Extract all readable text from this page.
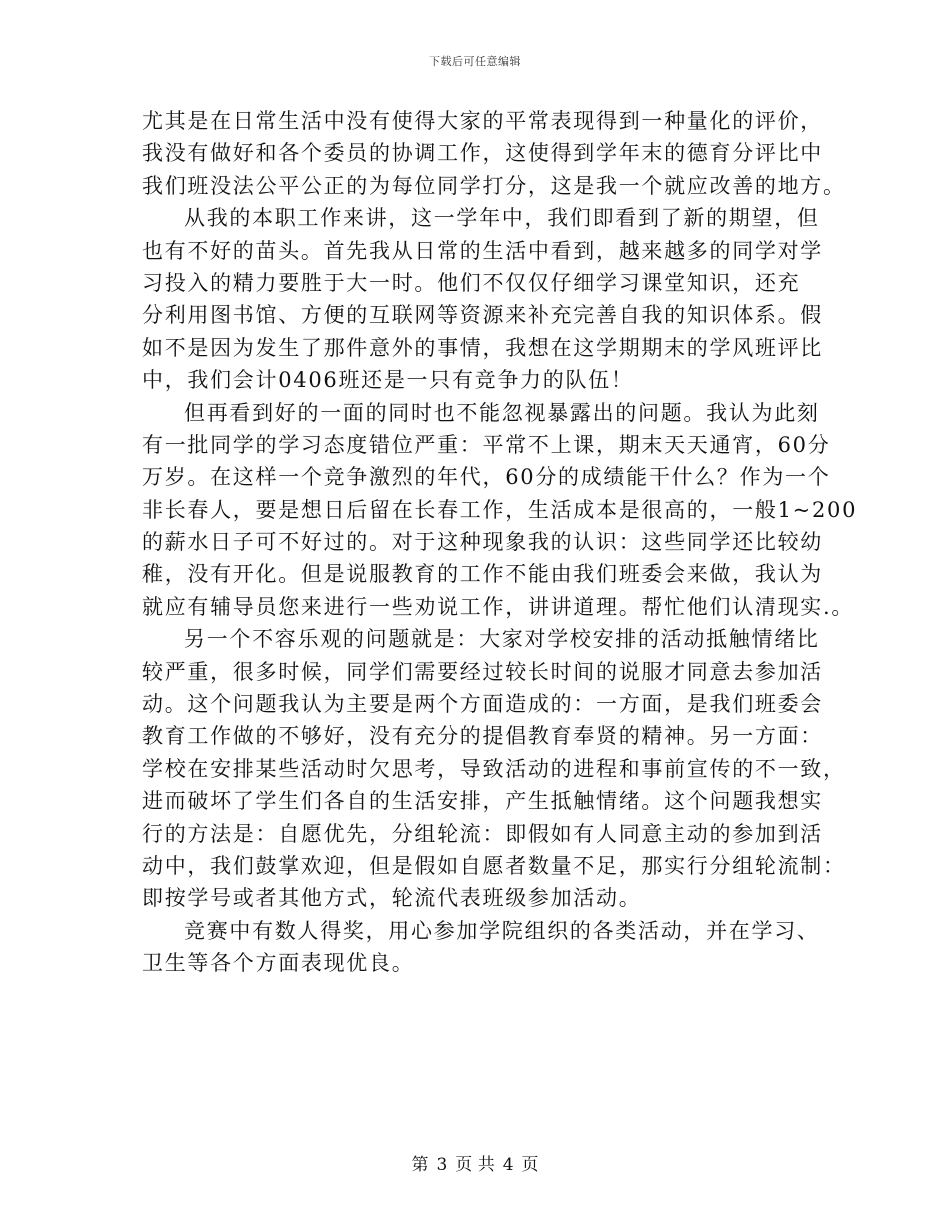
下载后可任意编辑
尤其是在日常生活中没有使得大家的平常表现得到一种量化的评价，
我没有做好和各个委员的协调工作，这使得到学年末的德育分评比中
我们班没法公平公正的为每位同学打分，这是我一个就应改善的地方。
从我的本职工作来讲，这一学年中，我们即看到了新的期望，但
也有不好的苗头。首先我从日常的生活中看到，越来越多的同学对学
习投入的精力要胜于大一时。他们不仅仅仔细学习课堂知识，还充
分利用图书馆、方便的互联网等资源来补充完善自我的知识体系。假
如不是因为发生了那件意外的事情，我想在这学期期末的学风班评比
中，我们会计0406班还是一只有竞争力的队伍！
但再看到好的一面的同时也不能忽视暴露出的问题。我认为此刻
有一批同学的学习态度错位严重：平常不上课，期末天天通宵，60分
万岁。在这样一个竞争激烈的年代，60分的成绩能干什么？作为一个
非长春人，要是想日后留在长春工作，生活成本是很高的，一般1~200
的薪水日子可不好过的。对于这种现象我的认识：这些同学还比较幼
稚，没有开化。但是说服教育的工作不能由我们班委会来做，我认为
就应有辅导员您来进行一些劝说工作，讲讲道理。帮忙他们认清现实.。
另一个不容乐观的问题就是：大家对学校安排的活动抵触情绪比
较严重，很多时候，同学们需要经过较长时间的说服才同意去参加活
动。这个问题我认为主要是两个方面造成的：一方面，是我们班委会
教育工作做的不够好，没有充分的提倡教育奉贤的精神。另一方面：
学校在安排某些活动时欠思考，导致活动的进程和事前宣传的不一致，
进而破坏了学生们各自的生活安排，产生抵触情绪。这个问题我想实
行的方法是：自愿优先，分组轮流：即假如有人同意主动的参加到活
动中，我们鼓掌欢迎，但是假如自愿者数量不足，那实行分组轮流制：
即按学号或者其他方式，轮流代表班级参加活动。
竞赛中有数人得奖，用心参加学院组织的各类活动，并在学习、
卫生等各个方面表现优良。
第 3 页 共 4 页
